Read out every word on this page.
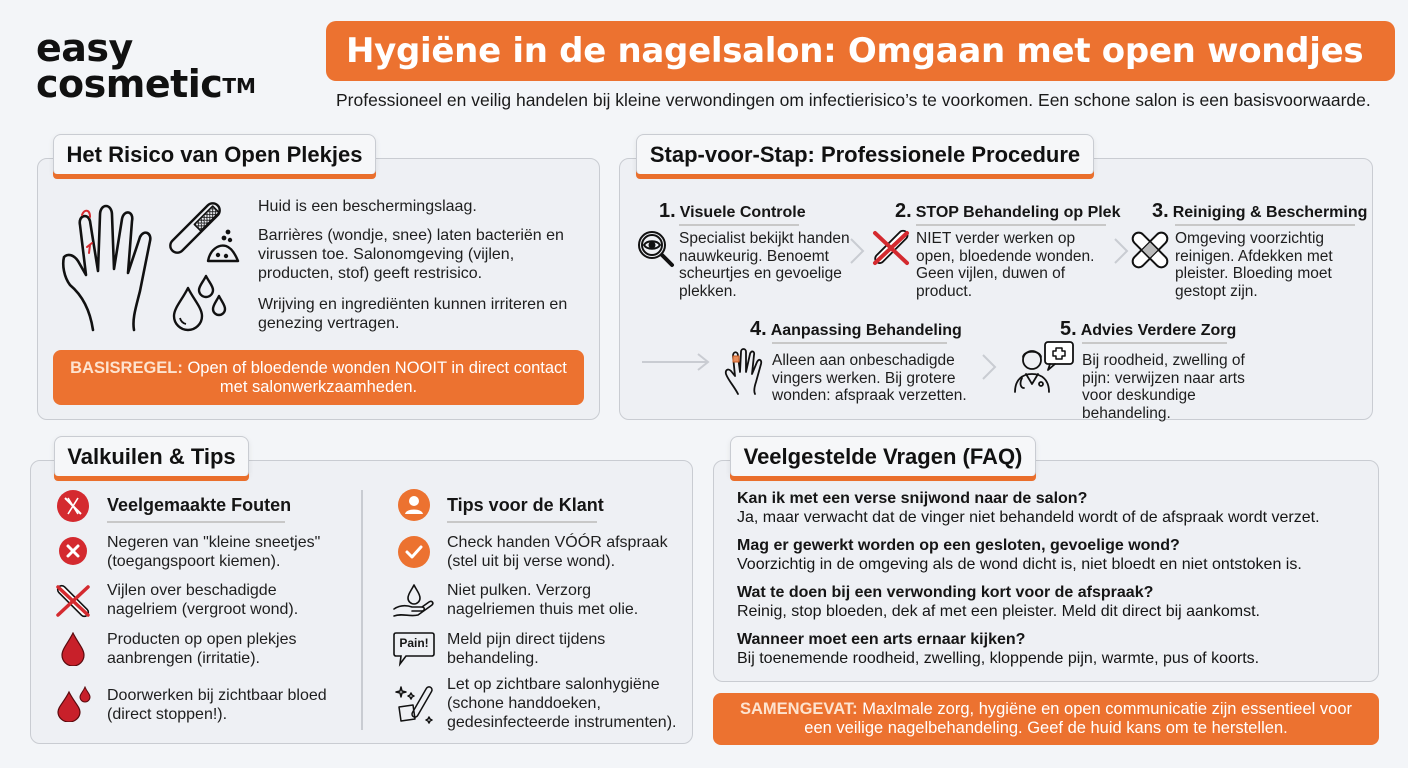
easy
cosmetic™
Hygiëne in de nagelsalon: Omgaan met open wondjes
Professioneel en veilig handelen bij kleine verwondingen om infectierisico’s te voorkomen. Een schone salon is een basisvoorwaarde.
Het Risico van Open Plekjes
Huid is een beschermingslaag.
Barrières (wondje, snee) laten bacteriën en virussen toe. Salonomgeving (vijlen, producten, stof) geeft restrisico.
Wrijving en ingrediënten kunnen irriteren en genezing vertragen.
BASISREGEL: Open of bloedende wonden NOOIT in direct contact met salonwerkzaamheden.
Stap-voor-Stap: Professionele Procedure
1. Visuele Controle
Specialist bekijkt handen nauwkeurig. Benoemt scheurtjes en gevoelige plekken.
2. STOP Behandeling op Plek
NIET verder werken op open, bloedende wonden. Geen vijlen, duwen of product.
3. Reiniging & Bescherming
Omgeving voorzichtig reinigen. Afdekken met pleister. Bloeding moet gestopt zijn.
4. Aanpassing Behandeling
Alleen aan onbeschadigde vingers werken. Bij grotere wonden: afspraak verzetten.
5. Advies Verdere Zorg
Bij roodheid, zwelling of pijn: verwijzen naar arts voor deskundige behandeling.
Valkuilen & Tips
Veelgemaakte Fouten
Negeren van "kleine sneetjes" (toegangspoort kiemen).
Vijlen over beschadigde nagelriem (vergroot wond).
Producten op open plekjes aanbrengen (irritatie).
Doorwerken bij zichtbaar bloed (direct stoppen!).
Tips voor de Klant
Check handen VÓÓR afspraak (stel uit bij verse wond).
Niet pulken. Verzorg nagelriemen thuis met olie.
Pain!	Meld pijn direct tijdens behandeling.
Let op zichtbare salonhygiëne (schone handdoeken, gedesinfecteerde instrumenten).
Veelgestelde Vragen (FAQ)
Kan ik met een verse snijwond naar de salon?
Ja, maar verwacht dat de vinger niet behandeld wordt of de afspraak wordt verzet.
Mag er gewerkt worden op een gesloten, gevoelige wond?
Voorzichtig in de omgeving als de wond dicht is, niet bloedt en niet ontstoken is.
Wat te doen bij een verwonding kort voor de afspraak?
Reinig, stop bloeden, dek af met een pleister. Meld dit direct bij aankomst.
Wanneer moet een arts ernaar kijken?
Bij toenemende roodheid, zwelling, kloppende pijn, warmte, pus of koorts.
SAMENGEVAT: Maxlmale zorg, hygiëne en open communicatie zijn essentieel voor een veilige nagelbehandeling. Geef de huid kans om te herstellen.
